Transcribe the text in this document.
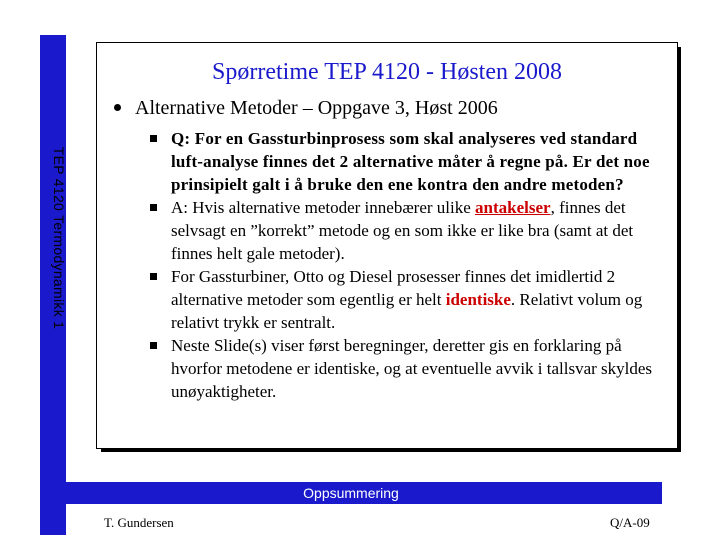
TEP 4120 Termodynamikk 1
Spørretime TEP 4120 - Høsten 2008
Alternative Metoder – Oppgave 3, Høst 2006
Q: For en Gassturbinprosess som skal analyseres ved standard luft-analyse finnes det 2 alternative måter å regne på. Er det noe prinsipielt galt i å bruke den ene kontra den andre metoden?
A: Hvis alternative metoder innebærer ulike antakelser, finnes det selvsagt en ”korrekt” metode og en som ikke er like bra (samt at det finnes helt gale metoder).
For Gassturbiner, Otto og Diesel prosesser finnes det imidlertid 2 alternative metoder som egentlig er helt identiske. Relativt volum og relativt trykk er sentralt.
Neste Slide(s) viser først beregninger, deretter gis en forklaring på hvorfor metodene er identiske, og at eventuelle avvik i tallsvar skyldes unøyaktigheter.
Oppsummering
T. Gundersen	Q/A-09
